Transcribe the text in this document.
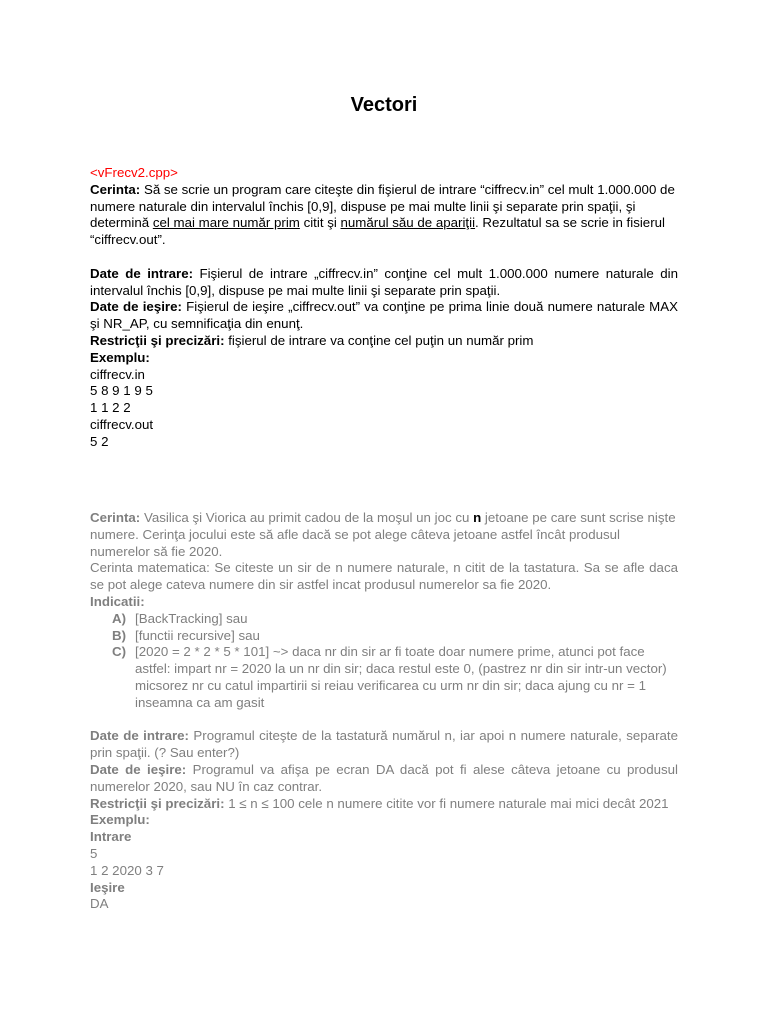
Vectori

<vFrecv2.cpp>

Cerinta: Să se scrie un program care citeşte din fişierul de intrare “ciffrecv.in” cel mult 1.000.000 de numere naturale din intervalul închis [0,9], dispuse pe mai multe linii şi separate prin spaţii, şi determină cel mai mare număr prim citit şi numărul său de apariţii. Rezultatul sa se scrie in fisierul “ciffrecv.out”.

Date de intrare: Fişierul de intrare „ciffrecv.in” conţine cel mult 1.000.000 numere naturale din intervalul închis [0,9], dispuse pe mai multe linii şi separate prin spaţii.

Date de ieşire: Fişierul de ieşire „ciffrecv.out” va conţine pe prima linie două numere naturale MAX şi NR_AP, cu semnificaţia din enunţ.

Restricţii şi precizări: fişierul de intrare va conţine cel puţin un număr prim

Exemplu:

ciffrecv.in

5 8 9 1 9 5

1 1 2 2

ciffrecv.out

5 2

Cerinta: Vasilica şi Viorica au primit cadou de la moşul un joc cu n jetoane pe care sunt scrise nişte numere. Cerinţa jocului este să afle dacă se pot alege câteva jetoane astfel încât produsul numerelor să fie 2020.

Cerinta matematica: Se citeste un sir de n numere naturale, n citit de la tastatura. Sa se afle daca se pot alege cateva numere din sir astfel incat produsul numerelor sa fie 2020.

Indicatii:

A) [BackTracking] sau
B) [functii recursive] sau
C) [2020 = 2 * 2 * 5 * 101] ~> daca nr din sir ar fi toate doar numere prime, atunci pot face astfel: impart nr = 2020 la un nr din sir; daca restul este 0, (pastrez nr din sir intr-un vector) micsorez nr cu catul impartirii si reiau verificarea cu urm nr din sir; daca ajung cu nr = 1 inseamna ca am gasit

Date de intrare: Programul citeşte de la tastatură numărul n, iar apoi n numere naturale, separate prin spaţii. (? Sau enter?)

Date de ieşire: Programul va afişa pe ecran DA dacă pot fi alese câteva jetoane cu produsul numerelor 2020, sau NU în caz contrar.

Restricţii şi precizări: 1 ≤ n ≤ 100 cele n numere citite vor fi numere naturale mai mici decât 2021

Exemplu:

Intrare

5

1 2 2020 3 7

Ieşire

DA
